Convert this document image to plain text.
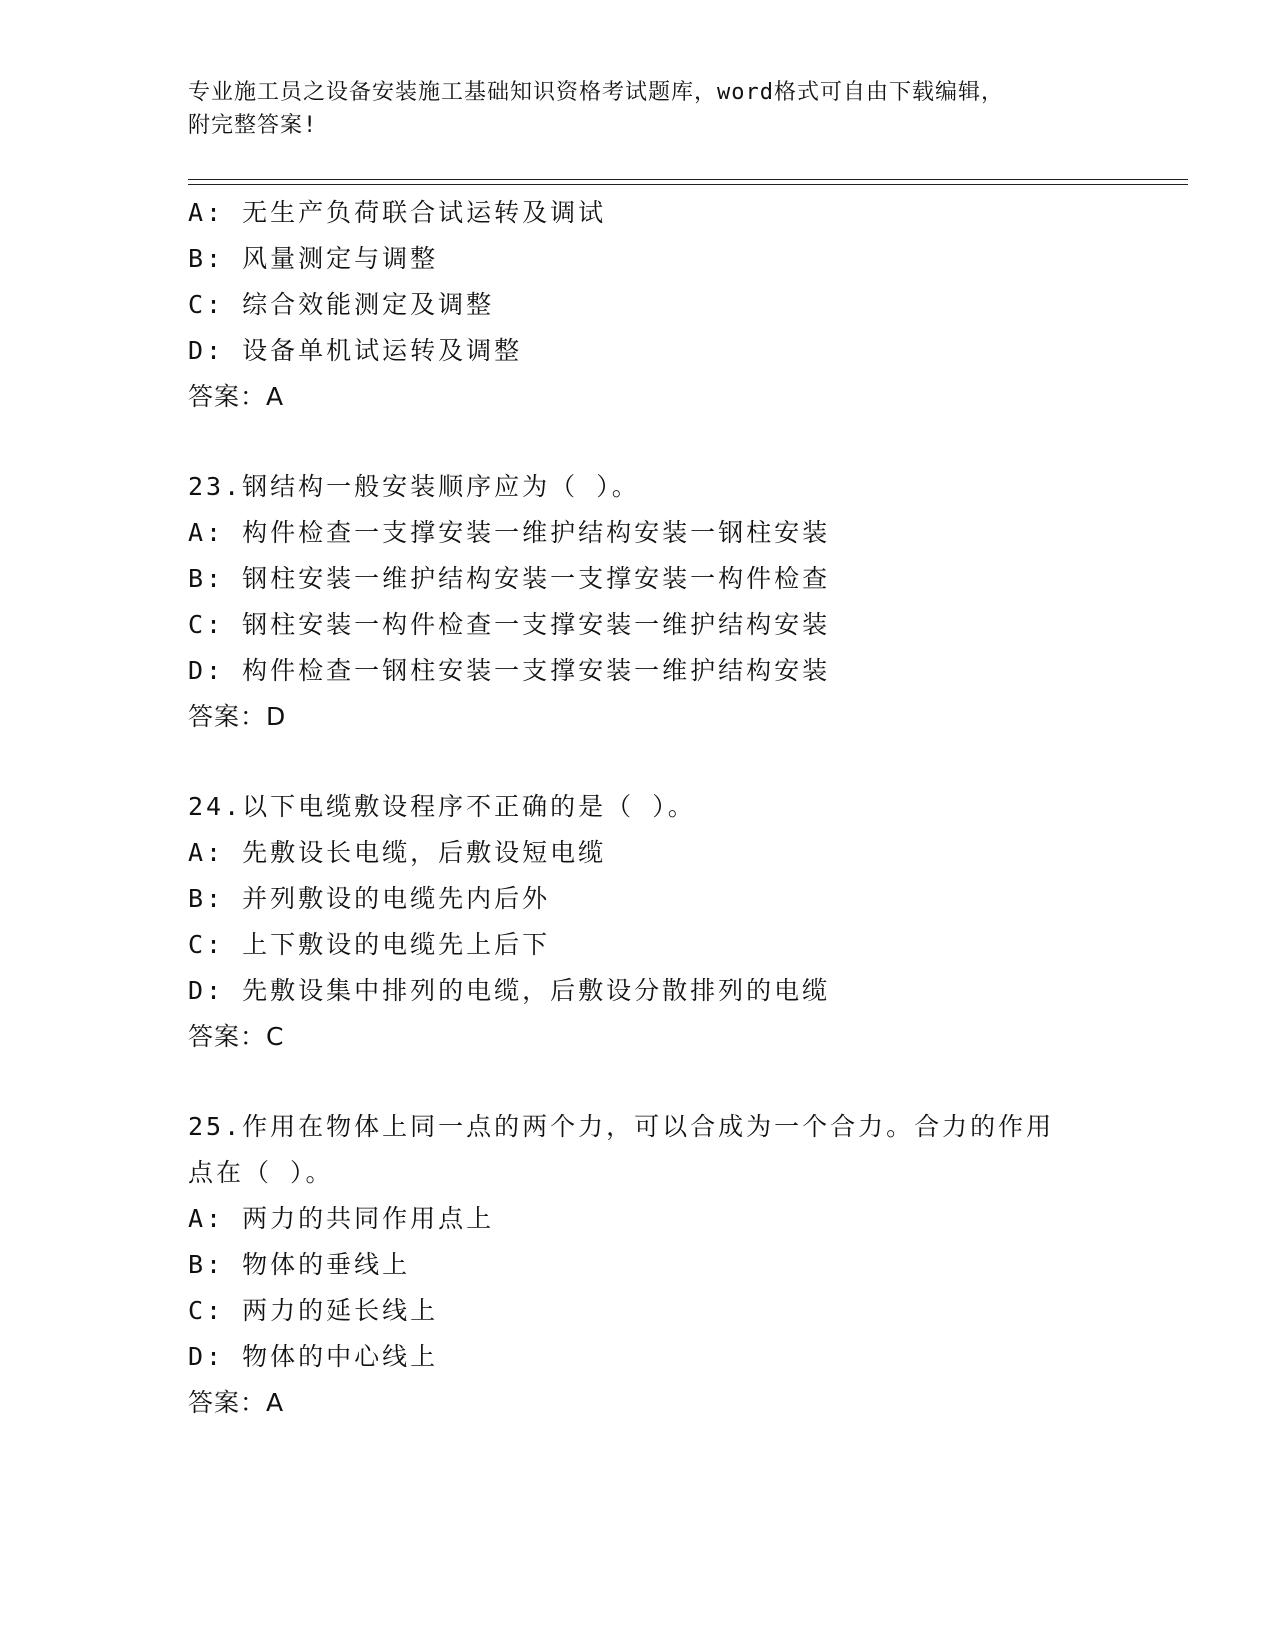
专业施工员之设备安装施工基础知识资格考试题库，word格式可自由下载编辑，
附完整答案!
A: 无生产负荷联合试运转及调试
B: 风量测定与调整
C: 综合效能测定及调整
D: 设备单机试运转及调整
答案：A
23.钢结构一般安装顺序应为（ ）。
A: 构件检查一支撑安装一维护结构安装一钢柱安装
B: 钢柱安装一维护结构安装一支撑安装一构件检查
C: 钢柱安装一构件检查一支撑安装一维护结构安装
D: 构件检查一钢柱安装一支撑安装一维护结构安装
答案：D
24.以下电缆敷设程序不正确的是（ ）。
A: 先敷设长电缆，后敷设短电缆
B: 并列敷设的电缆先内后外
C: 上下敷设的电缆先上后下
D: 先敷设集中排列的电缆，后敷设分散排列的电缆
答案：C
25.作用在物体上同一点的两个力，可以合成为一个合力。合力的作用
点在（ ）。
A: 两力的共同作用点上
B: 物体的垂线上
C: 两力的延长线上
D: 物体的中心线上
答案：A
